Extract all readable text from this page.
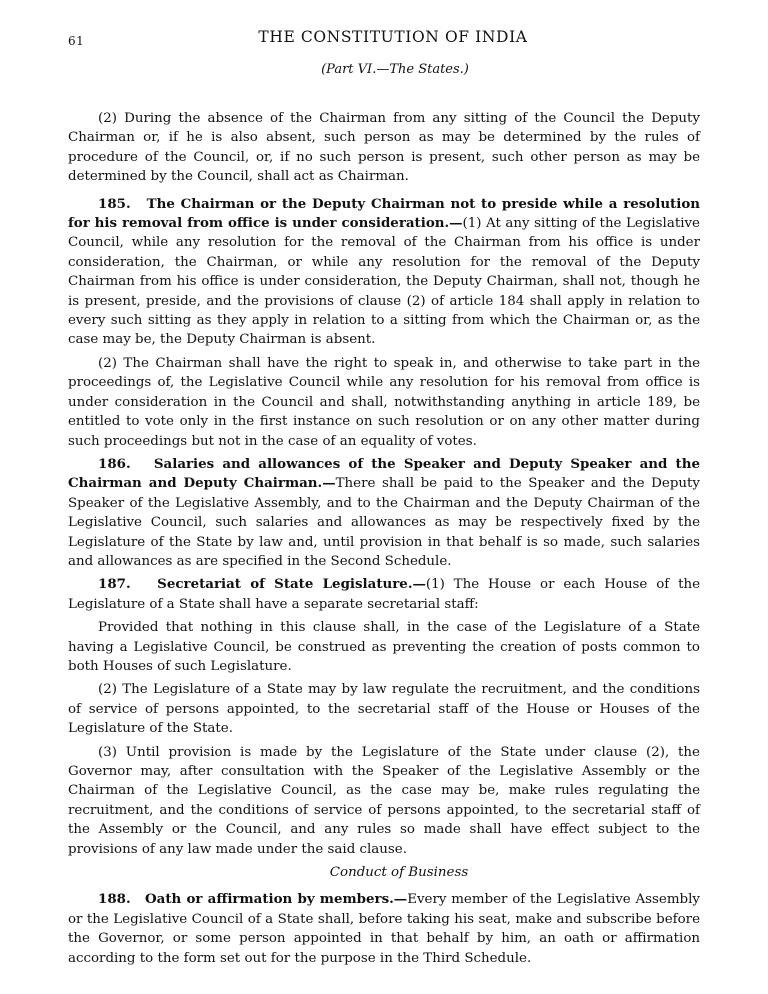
61	THE CONSTITUTION OF INDIA
(Part VI.—The States.)

(2) During the absence of the Chairman from any sitting of the Council the Deputy Chairman or, if he is also absent, such person as may be determined by the rules of procedure of the Council, or, if no such person is present, such other person as may be determined by the Council, shall act as Chairman.

185. The Chairman or the Deputy Chairman not to preside while a resolution for his removal from office is under consideration.—(1) At any sitting of the Legislative Council, while any resolution for the removal of the Chairman from his office is under consideration, the Chairman, or while any resolution for the removal of the Deputy Chairman from his office is under consideration, the Deputy Chairman, shall not, though he is present, preside, and the provisions of clause (2) of article 184 shall apply in relation to every such sitting as they apply in relation to a sitting from which the Chairman or, as the case may be, the Deputy Chairman is absent.

(2) The Chairman shall have the right to speak in, and otherwise to take part in the proceedings of, the Legislative Council while any resolution for his removal from office is under consideration in the Council and shall, notwithstanding anything in article 189, be entitled to vote only in the first instance on such resolution or on any other matter during such proceedings but not in the case of an equality of votes.

186. Salaries and allowances of the Speaker and Deputy Speaker and the Chairman and Deputy Chairman.—There shall be paid to the Speaker and the Deputy Speaker of the Legislative Assembly, and to the Chairman and the Deputy Chairman of the Legislative Council, such salaries and allowances as may be respectively fixed by the Legislature of the State by law and, until provision in that behalf is so made, such salaries and allowances as are specified in the Second Schedule.

187. Secretariat of State Legislature.—(1) The House or each House of the Legislature of a State shall have a separate secretarial staff:

Provided that nothing in this clause shall, in the case of the Legislature of a State having a Legislative Council, be construed as preventing the creation of posts common to both Houses of such Legislature.

(2) The Legislature of a State may by law regulate the recruitment, and the conditions of service of persons appointed, to the secretarial staff of the House or Houses of the Legislature of the State.

(3) Until provision is made by the Legislature of the State under clause (2), the Governor may, after consultation with the Speaker of the Legislative Assembly or the Chairman of the Legislative Council, as the case may be, make rules regulating the recruitment, and the conditions of service of persons appointed, to the secretarial staff of the Assembly or the Council, and any rules so made shall have effect subject to the provisions of any law made under the said clause.

Conduct of Business

188. Oath or affirmation by members.—Every member of the Legislative Assembly or the Legislative Council of a State shall, before taking his seat, make and subscribe before the Governor, or some person appointed in that behalf by him, an oath or affirmation according to the form set out for the purpose in the Third Schedule.
